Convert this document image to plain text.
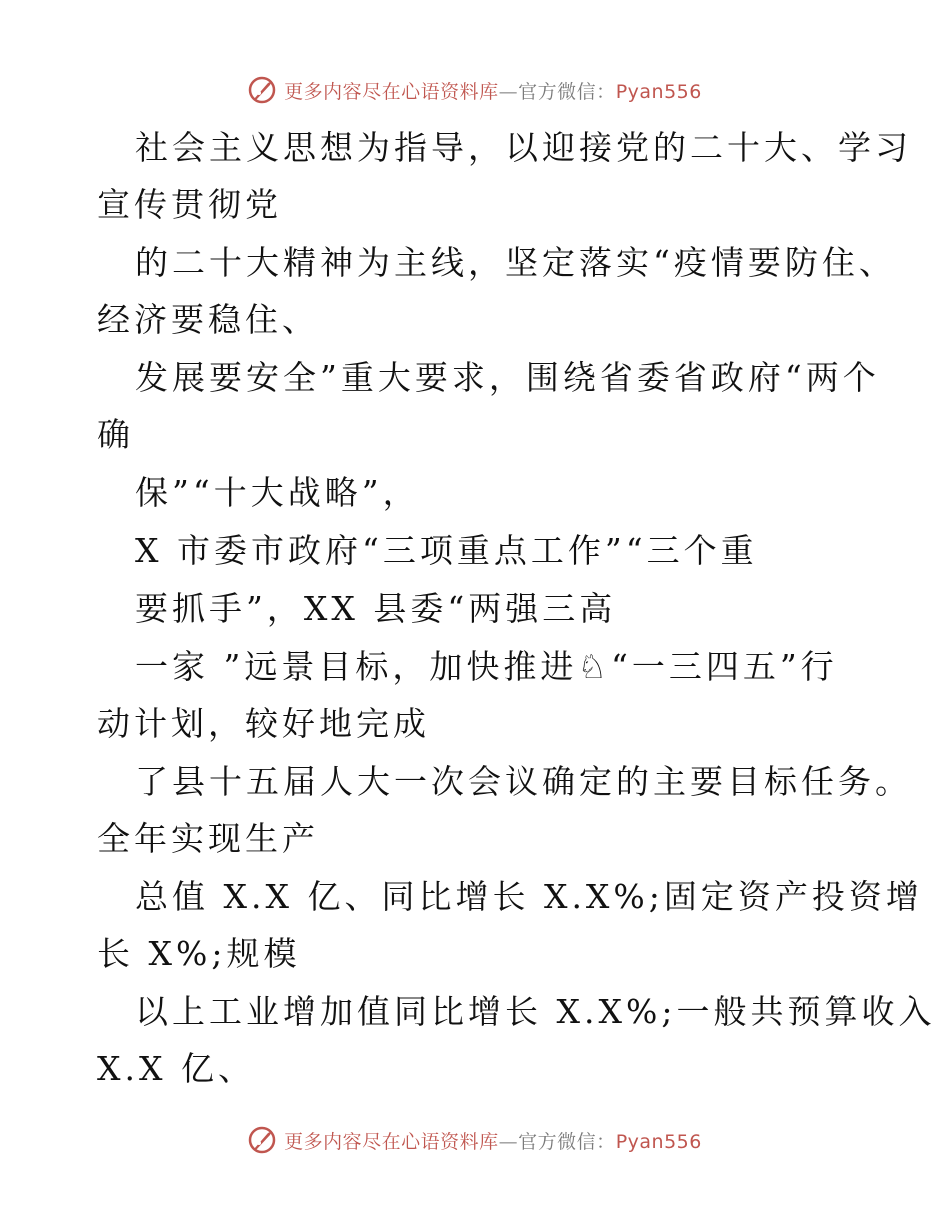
更多内容尽在心语资料库—官方微信：Pyan556
社会主义思想为指导，以迎接党的二十大、学习
宣传贯彻党
的二十大精神为主线，坚定落实“疫情要防住、
经济要稳住、
发展要安全”重大要求，围绕省委省政府“两个
确
保”“十大战略”，
X 市委市政府“三项重点工作”“三个重
要抓手”，XX 县委“两强三高
一家 ”远景目标，加快推进♘“一三四五”行
动计划，较好地完成
了县十五届人大一次会议确定的主要目标任务。
全年实现生产
总值 X.X 亿、同比增长 X.X%;固定资产投资增
长 X%;规模
以上工业增加值同比增长 X.X%;一般共预算收入
X.X 亿、
更多内容尽在心语资料库—官方微信：Pyan556
